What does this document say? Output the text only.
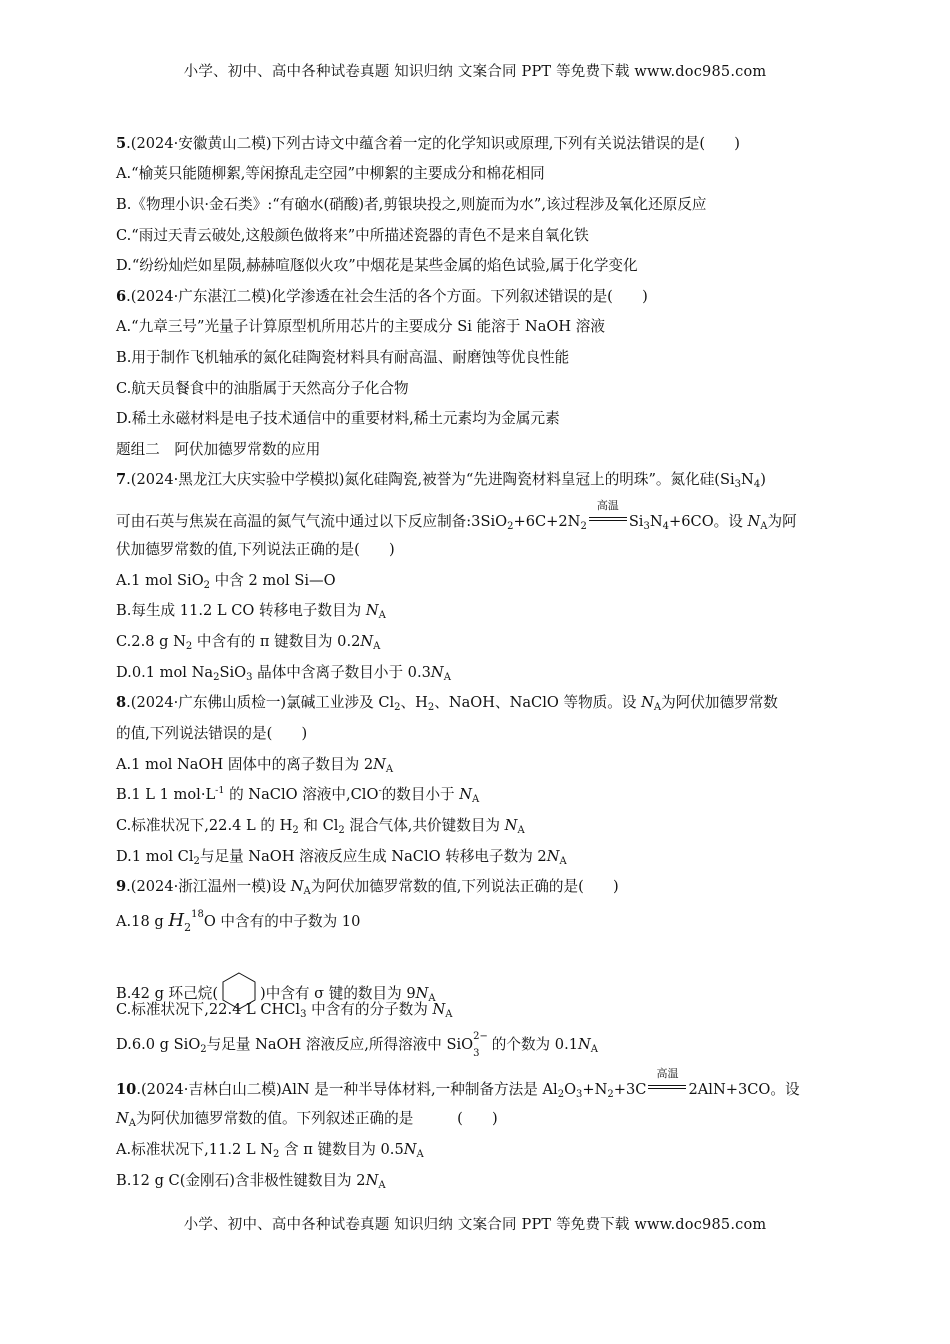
小学、初中、高中各种试卷真题 知识归纳 文案合同 PPT 等免费下载 www.doc985.com
5.(2024·安徽黄山二模)下列古诗文中蕴含着一定的化学知识或原理,下列有关说法错误的是(　　)
A.“榆荚只能随柳絮,等闲撩乱走空园”中柳絮的主要成分和棉花相同
B.《物理小识·金石类》:“有硇水(硝酸)者,剪银块投之,则旋而为水”,该过程涉及氧化还原反应
C.“雨过天青云破处,这般颜色做将来”中所描述瓷器的青色不是来自氧化铁
D.“纷纷灿烂如星陨,赫赫喧豗似火攻”中烟花是某些金属的焰色试验,属于化学变化
6.(2024·广东湛江二模)化学渗透在社会生活的各个方面。下列叙述错误的是(　　)
A.“九章三号”光量子计算原型机所用芯片的主要成分 Si 能溶于 NaOH 溶液
B.用于制作飞机轴承的氮化硅陶瓷材料具有耐高温、耐磨蚀等优良性能
C.航天员餐食中的油脂属于天然高分子化合物
D.稀土永磁材料是电子技术通信中的重要材料,稀土元素均为金属元素
题组二　阿伏加德罗常数的应用
7.(2024·黑龙江大庆实验中学模拟)氮化硅陶瓷,被誉为“先进陶瓷材料皇冠上的明珠”。氮化硅$(Si_3N_4)$
可由石英与焦炭在高温的氮气气流中通过以下反应制备$:3SiO_2+6C+2N_2$
高温
$Si_3N_4+6CO$。设 $N_A$为阿
伏加德罗常数的值,下列说法正确的是(　　)
A.1 mol SiO$_2$ 中含 2 mol Si—O
B.每生成 11.2 L CO 转移电子数目为 $N_A$
C.2.8 g $N_2$ 中含有的 π 键数目为 $0.2N_A$
D.0.1 mol $Na_2SiO_3$ 晶体中含离子数目小于 $0.3N_A$
8.(2024·广东佛山质检一)氯碱工业涉及 $Cl_2$、$H_2$、NaOH、NaClO 等物质。设 $N_A$为阿伏加德罗常数
的值,下列说法错误的是(　　)
A.1 mol NaOH 固体中的离子数目为 $2N_A$
B.1 L 1 $mol\cdot L^{-1}$ 的 NaClO 溶液中,ClO-的数目小于 $N_A$
C.标准状况下,22.4 L 的 $H_2$ 和 $Cl_2$ 混合气体,共价键数目为 $N_A$
D.1 mol $Cl_2$与足量 NaOH 溶液反应生成 NaClO 转移电子数为 $2N_A$
9.(2024·浙江温州一模)设 $N_A$为阿伏加德罗常数的值,下列说法正确的是(　　)
A.18 g $H_2^{18}O$ 中含有的中子数为 10
B.42 g 环己烷(	)中含有 σ 键的数目为 $9N_A$
C.标准状况下,22.4 L CHCl$_3$ 中含有的分子数为 $N_A$
D.6.0 g SiO$_2$与足量 NaOH 溶液反应,所得溶液中 SiO
3
2− 的个数为 $0.1N_A$
10.(2024·吉林白山二模)AlN 是一种半导体材料,一种制备方法是 $Al_2O_3+N_2+3C$
高温
2AlN+3CO。设
$N_A$为阿伏加德罗常数的值。下列叙述正确的是　　　(　　)
A.标准状况下,11.2 L $N_2$ 含 π 键数目为 $0.5N_A$
B.12 g C(金刚石)含非极性键数目为 $2N_A$
小学、初中、高中各种试卷真题 知识归纳 文案合同 PPT 等免费下载 www.doc985.com
